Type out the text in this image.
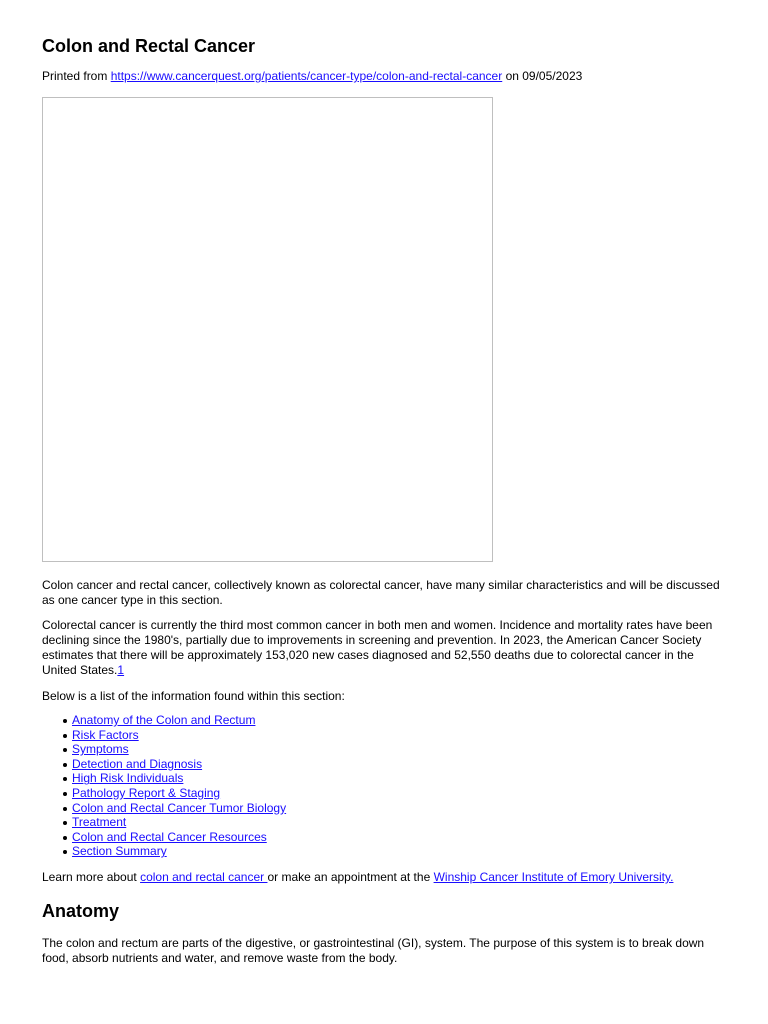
Colon and Rectal Cancer

Printed from https://www.cancerquest.org/patients/cancer-type/colon-and-rectal-cancer on 09/05/2023

Colon cancer and rectal cancer, collectively known as colorectal cancer, have many similar characteristics and will be discussed as one cancer type in this section.

Colorectal cancer is currently the third most common cancer in both men and women. Incidence and mortality rates have been declining since the 1980's, partially due to improvements in screening and prevention. In 2023, the American Cancer Society estimates that there will be approximately 153,020 new cases diagnosed and 52,550 deaths due to colorectal cancer in the United States.1

Below is a list of the information found within this section:

Anatomy of the Colon and Rectum
Risk Factors
Symptoms
Detection and Diagnosis
High Risk Individuals
Pathology Report & Staging
Colon and Rectal Cancer Tumor Biology
Treatment
Colon and Rectal Cancer Resources
Section Summary

Learn more about colon and rectal cancer or make an appointment at the Winship Cancer Institute of Emory University.

Anatomy

The colon and rectum are parts of the digestive, or gastrointestinal (GI), system. The purpose of this system is to break down food, absorb nutrients and water, and remove waste from the body.
